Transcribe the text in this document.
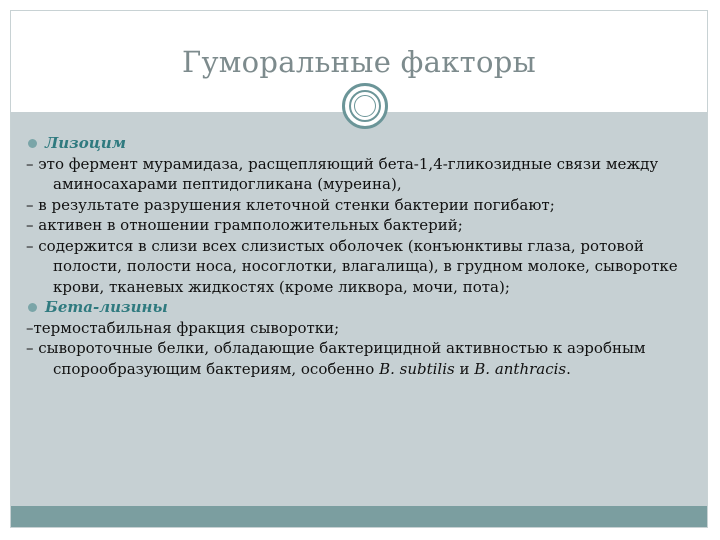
Гуморальные факторы
Лизоцим
– это фермент мурамидаза, расщепляющий бета-1,4-гликозидные связи между аминосахарами пептидогликана (муреина),
– в результате разрушения клеточной стенки бактерии погибают;
– активен в отношении грамположительных бактерий;
– содержится в слизи всех слизистых оболочек (конъюнктивы глаза, ротовой полости, полости носа, носоглотки, влагалища), в грудном молоке, сыворотке крови, тканевых жидкостях (кроме ликвора, мочи, пота);
Бета-лизины
–термостабильная фракция сыворотки;
– сывороточные белки, обладающие бактерицидной активностью к аэробным спорообразующим бактериям, особенно B. subtilis и B. anthracis.
